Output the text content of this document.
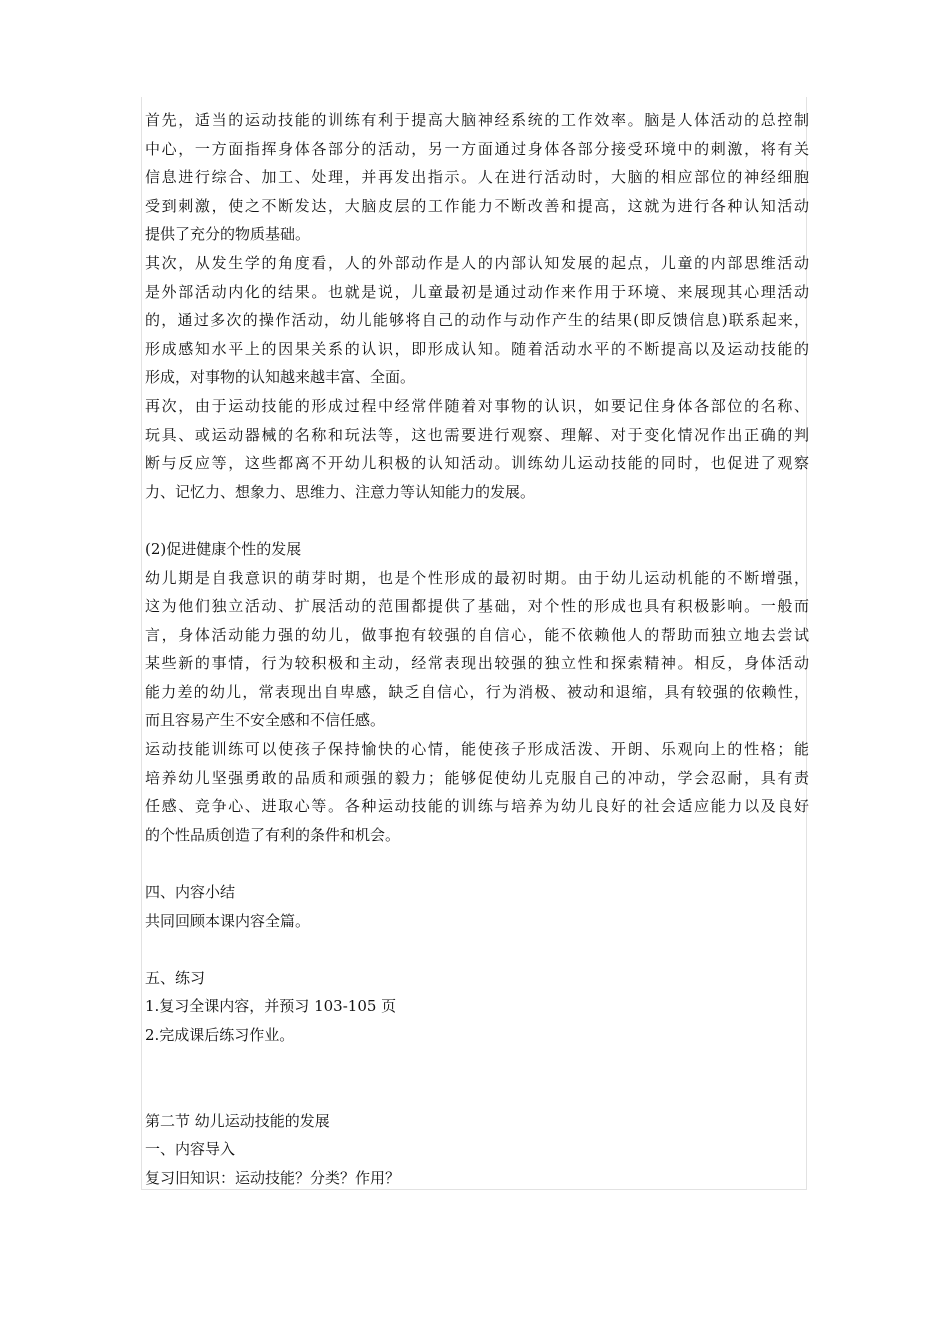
首先，适当的运动技能的训练有利于提高大脑神经系统的工作效率。脑是人体活动的总控制
中心，一方面指挥身体各部分的活动，另一方面通过身体各部分接受环境中的刺激，将有关
信息进行综合、加工、处理，并再发出指示。人在进行活动时，大脑的相应部位的神经细胞
受到刺激，使之不断发达，大脑皮层的工作能力不断改善和提高，这就为进行各种认知活动
提供了充分的物质基础。
其次，从发生学的角度看，人的外部动作是人的内部认知发展的起点，儿童的内部思维活动
是外部活动内化的结果。也就是说，儿童最初是通过动作来作用于环境、来展现其心理活动
的，通过多次的操作活动，幼儿能够将自己的动作与动作产生的结果(即反馈信息)联系起来，
形成感知水平上的因果关系的认识，即形成认知。随着活动水平的不断提高以及运动技能的
形成，对事物的认知越来越丰富、全面。
再次，由于运动技能的形成过程中经常伴随着对事物的认识，如要记住身体各部位的名称、
玩具、或运动器械的名称和玩法等，这也需要进行观察、理解、对于变化情况作出正确的判
断与反应等，这些都离不开幼儿积极的认知活动。训练幼儿运动技能的同时，也促进了观察
力、记忆力、想象力、思维力、注意力等认知能力的发展。
(2)促进健康个性的发展
幼儿期是自我意识的萌芽时期，也是个性形成的最初时期。由于幼儿运动机能的不断增强，
这为他们独立活动、扩展活动的范围都提供了基础，对个性的形成也具有积极影响。一般而
言，身体活动能力强的幼儿，做事抱有较强的自信心，能不依赖他人的帮助而独立地去尝试
某些新的事情，行为较积极和主动，经常表现出较强的独立性和探索精神。相反，身体活动
能力差的幼儿，常表现出自卑感，缺乏自信心，行为消极、被动和退缩，具有较强的依赖性，
而且容易产生不安全感和不信任感。
运动技能训练可以使孩子保持愉快的心情，能使孩子形成活泼、开朗、乐观向上的性格；能
培养幼儿坚强勇敢的品质和顽强的毅力；能够促使幼儿克服自己的冲动，学会忍耐，具有责
任感、竞争心、进取心等。各种运动技能的训练与培养为幼儿良好的社会适应能力以及良好
的个性品质创造了有利的条件和机会。
四、内容小结
共同回顾本课内容全篇。
五、练习
1.复习全课内容，并预习 103-105 页
2.完成课后练习作业。
第二节 幼儿运动技能的发展
一、内容导入
复习旧知识：运动技能？分类？作用？
